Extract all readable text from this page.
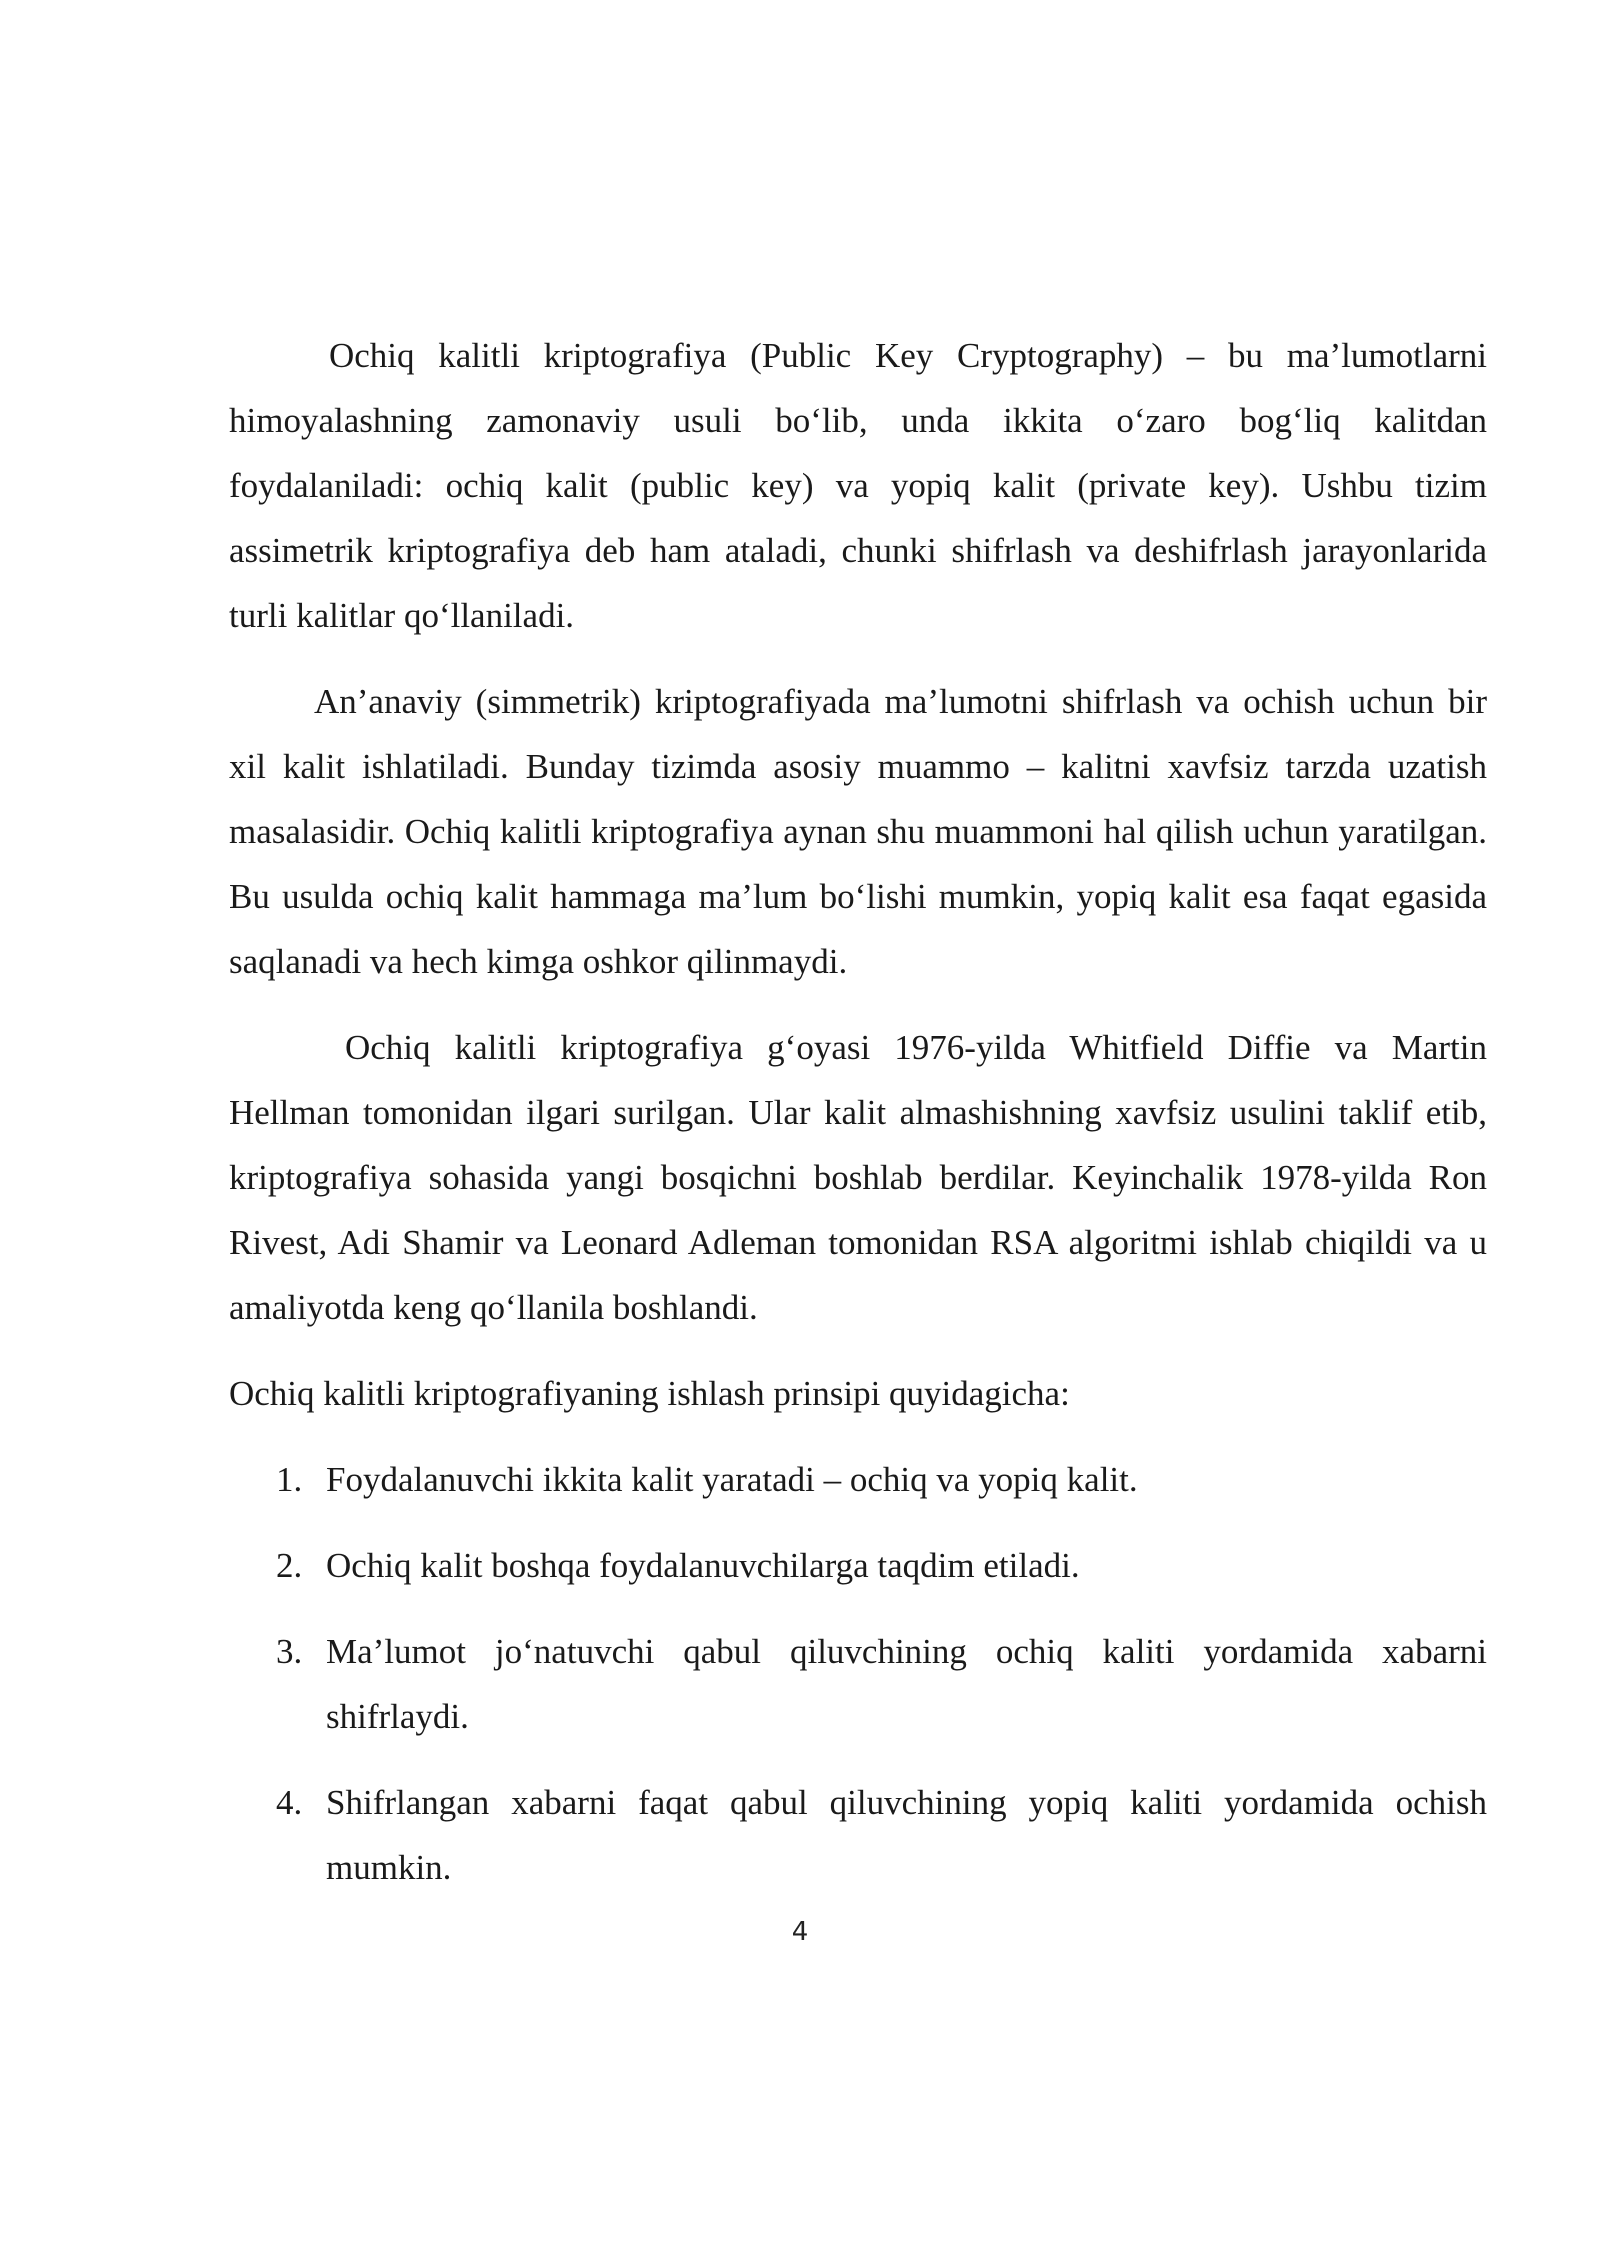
Ochiq kalitli kriptografiya (Public Key Cryptography) – bu ma’lumotlarni himoyalashning zamonaviy usuli bo‘lib, unda ikkita o‘zaro bog‘liq kalitdan foydalaniladi: ochiq kalit (public key) va yopiq kalit (private key). Ushbu tizim assimetrik kriptografiya deb ham ataladi, chunki shifrlash va deshifrlash jarayonlarida turli kalitlar qo‘llaniladi.

An’anaviy (simmetrik) kriptografiyada ma’lumotni shifrlash va ochish uchun bir xil kalit ishlatiladi. Bunday tizimda asosiy muammo – kalitni xavfsiz tarzda uzatish masalasidir. Ochiq kalitli kriptografiya aynan shu muammoni hal qilish uchun yaratilgan. Bu usulda ochiq kalit hammaga ma’lum bo‘lishi mumkin, yopiq kalit esa faqat egasida saqlanadi va hech kimga oshkor qilinmaydi.

Ochiq kalitli kriptografiya g‘oyasi 1976-yilda Whitfield Diffie va Martin Hellman tomonidan ilgari surilgan. Ular kalit almashishning xavfsiz usulini taklif etib, kriptografiya sohasida yangi bosqichni boshlab berdilar. Keyinchalik 1978-yilda Ron Rivest, Adi Shamir va Leonard Adleman tomonidan RSA algoritmi ishlab chiqildi va u amaliyotda keng qo‘llanila boshlandi.

Ochiq kalitli kriptografiyaning ishlash prinsipi quyidagicha:

1. Foydalanuvchi ikkita kalit yaratadi – ochiq va yopiq kalit.
2. Ochiq kalit boshqa foydalanuvchilarga taqdim etiladi.
3. Ma’lumot jo‘natuvchi qabul qiluvchining ochiq kaliti yordamida xabarni shifrlaydi.
4. Shifrlangan xabarni faqat qabul qiluvchining yopiq kaliti yordamida ochish mumkin.
4
